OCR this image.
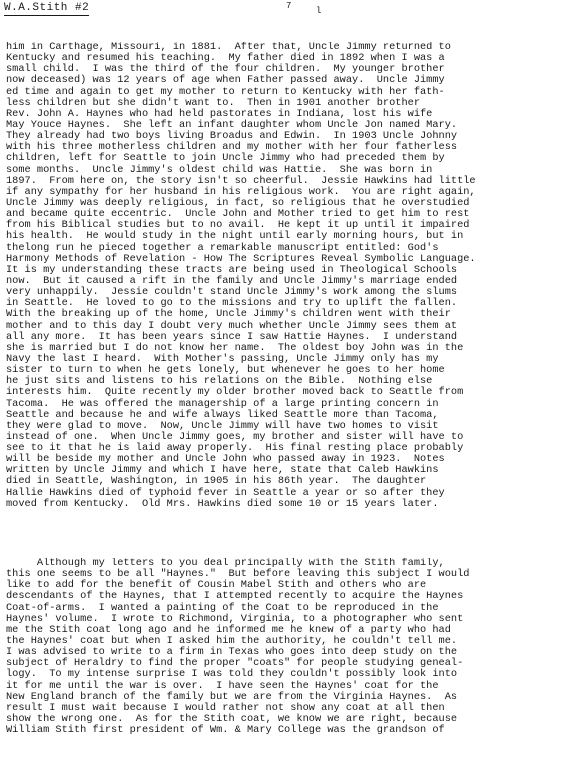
W.A.Stith #2	7	l
him in Carthage, Missouri, in 1881.  After that, Uncle Jimmy returned to
Kentucky and resumed his teaching.  My father died in 1892 when I was a
small child.  I was the third of the four children.  My younger brother
now deceased) was 12 years of age when Father passed away.  Uncle Jimmy
ed time and again to get my mother to return to Kentucky with her fath-
less children but she didn't want to.  Then in 1901 another brother
Rev. John A. Haynes who had held pastorates in Indiana, lost his wife
May Youce Haynes.  She left an infant daughter whom Uncle Jon named Mary.
They already had two boys living Broadus and Edwin.  In 1903 Uncle Johnny
with his three motherless children and my mother with her four fatherless
children, left for Seattle to join Uncle Jimmy who had preceded them by
some months.  Uncle Jimmy's oldest child was Hattie.  She was born in
1897.  From here on, the story isn't so cheerful.  Jessie Hawkins had little
if any sympathy for her husband in his religious work.  You are right again,
Uncle Jimmy was deeply religious, in fact, so religious that he overstudied
and became quite eccentric.  Uncle John and Mother tried to get him to rest
from his Biblical studies but to no avail.  He kept it up until it impaired
his health.  He would study in the night until early morning hours, but in
thelong run he pieced together a remarkable manuscript entitled: God's
Harmony Methods of Revelation - How The Scriptures Reveal Symbolic Language.
It is my understanding these tracts are being used in Theological Schools
now.  But it caused a rift in the family and Uncle Jimmy's marriage ended
very unhappily.  Jessie couldn't stand Uncle Jimmy's work among the slums
in Seattle.  He loved to go to the missions and try to uplift the fallen.
With the breaking up of the home, Uncle Jimmy's children went with their
mother and to this day I doubt very much whether Uncle Jimmy sees them at
all any more.  It has been years since I saw Hattie Haynes.  I understand
she is married but I do not know her name.  The oldest boy John was in the
Navy the last I heard.  With Mother's passing, Uncle Jimmy only has my
sister to turn to when he gets lonely, but whenever he goes to her home
he just sits and listens to his relations on the Bible.  Nothing else
interests him.  Quite recently my older brother moved back to Seattle from
Tacoma.  He was offered the managership of a large printing concern in
Seattle and because he and wife always liked Seattle more than Tacoma,
they were glad to move.  Now, Uncle Jimmy will have two homes to visit
instead of one.  When Uncle Jimmy goes, my brother and sister will have to
see to it that he is laid away properly.  His final resting place probably
will be beside my mother and Uncle John who passed away in 1923.  Notes
written by Uncle Jimmy and which I have here, state that Caleb Hawkins
died in Seattle, Washington, in 1905 in his 86th year.  The daughter
Hallie Hawkins died of typhoid fever in Seattle a year or so after they
moved from Kentucky.  Old Mrs. Hawkins died some 10 or 15 years later.
Although my letters to you deal principally with the Stith family,
this one seems to be all "Haynes."  But before leaving this subject I would
like to add for the benefit of Cousin Mabel Stith and others who are
descendants of the Haynes, that I attempted recently to acquire the Haynes
Coat-of-arms.  I wanted a painting of the Coat to be reproduced in the
Haynes' volume.  I wrote to Richmond, Virginia, to a photographer who sent
me the Stith coat long ago and he informed me he knew of a party who had
the Haynes' coat but when I asked him the authority, he couldn't tell me.
I was advised to write to a firm in Texas who goes into deep study on the
subject of Heraldry to find the proper "coats" for people studying geneal-
logy.  To my intense surprise I was told they couldn't possibly look into
it for me until the war is over.  I have seen the Haynes' coat for the
New England branch of the family but we are from the Virginia Haynes.  As
result I must wait because I would rather not show any coat at all then
show the wrong one.  As for the Stith coat, we know we are right, because
William Stith first president of Wm. & Mary College was the grandson of
